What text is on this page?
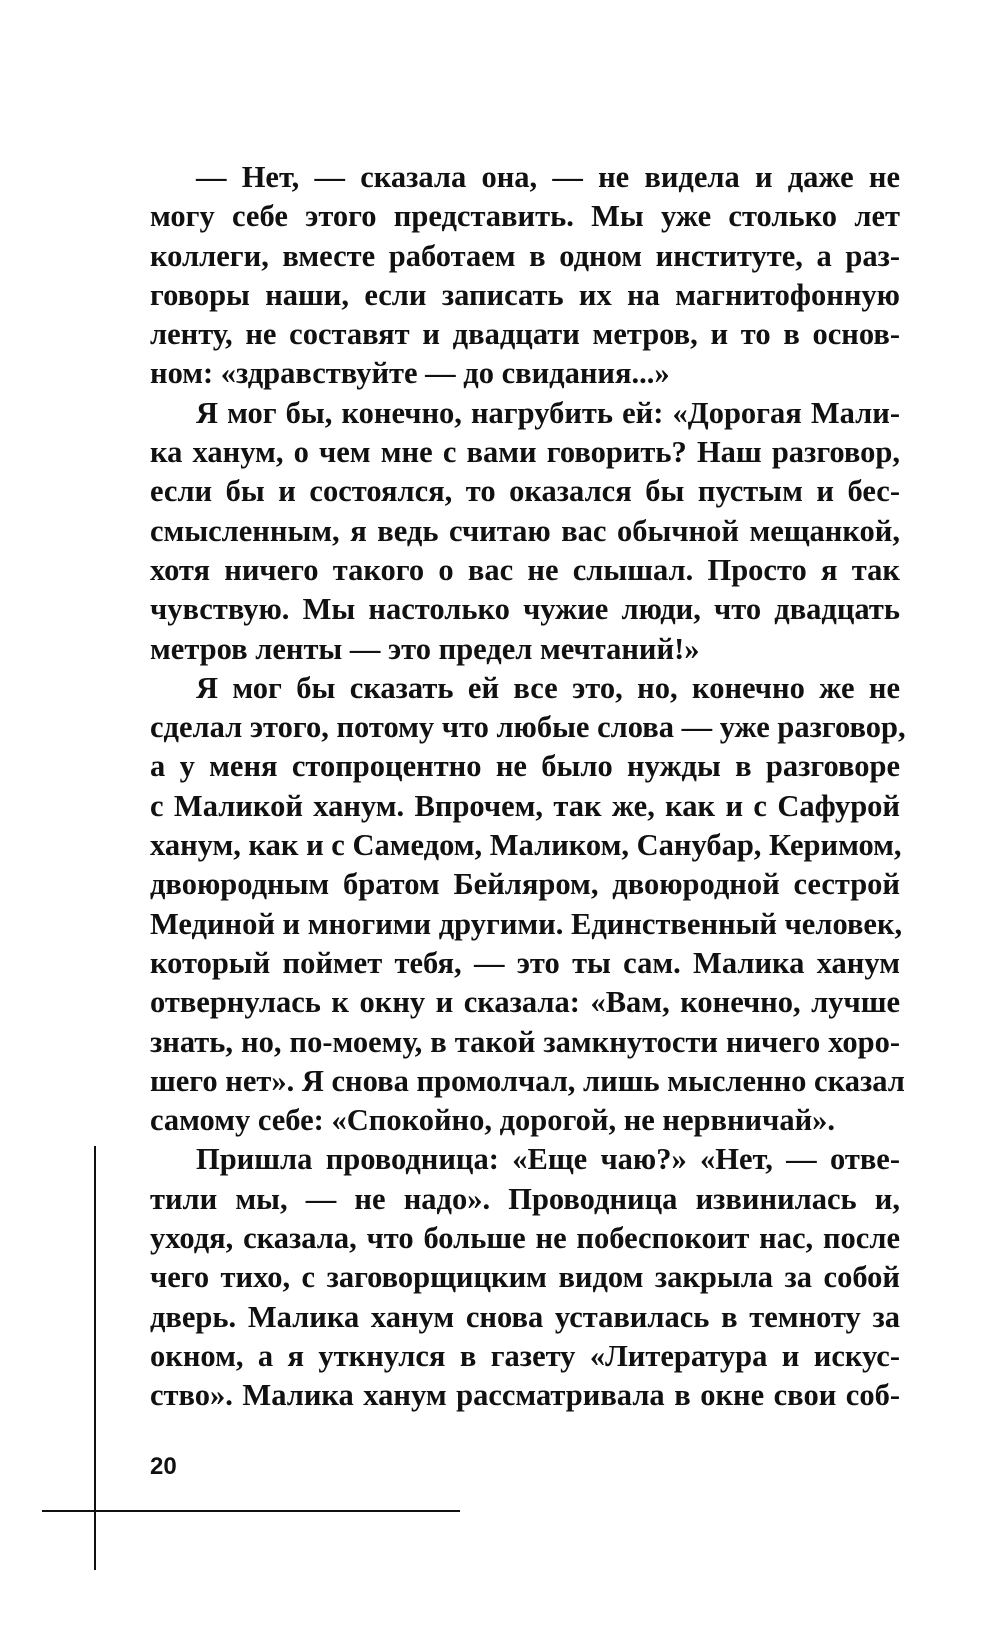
— Нет, — сказала она, — не видела и даже не
могу себе этого представить. Мы уже столько лет
коллеги, вместе работаем в одном институте, а раз-
говоры наши, если записать их на магнитофонную
ленту, не составят и двадцати метров, и то в основ-
ном: «здравствуйте — до свидания...»

Я мог бы, конечно, нагрубить ей: «Дорогая Мали-
ка ханум, о чем мне с вами говорить? Наш разговор,
если бы и состоялся, то оказался бы пустым и бес-
смысленным, я ведь считаю вас обычной мещанкой,
хотя ничего такого о вас не слышал. Просто я так
чувствую. Мы настолько чужие люди, что двадцать
метров ленты — это предел мечтаний!»

Я мог бы сказать ей все это, но, конечно же не
сделал этого, потому что любые слова — уже разговор,
а у меня стопроцентно не было нужды в разговоре
с Маликой ханум. Впрочем, так же, как и с Сафурой
ханум, как и с Самедом, Маликом, Санубар, Керимом,
двоюродным братом Бейляром, двоюродной сестрой
Мединой и многими другими. Единственный человек,
который поймет тебя, — это ты сам. Малика ханум
отвернулась к окну и сказала: «Вам, конечно, лучше
знать, но, по-моему, в такой замкнутости ничего хоро-
шего нет». Я снова промолчал, лишь мысленно сказал
самому себе: «Спокойно, дорогой, не нервничай».

Пришла проводница: «Еще чаю?» «Нет, — отве-
тили мы, — не надо». Проводница извинилась и,
уходя, сказала, что больше не побеспокоит нас, после
чего тихо, с заговорщицким видом закрыла за собой
дверь. Малика ханум снова уставилась в темноту за
окном, а я уткнулся в газету «Литература и искус-
ство». Малика ханум рассматривала в окне свои соб-

20
